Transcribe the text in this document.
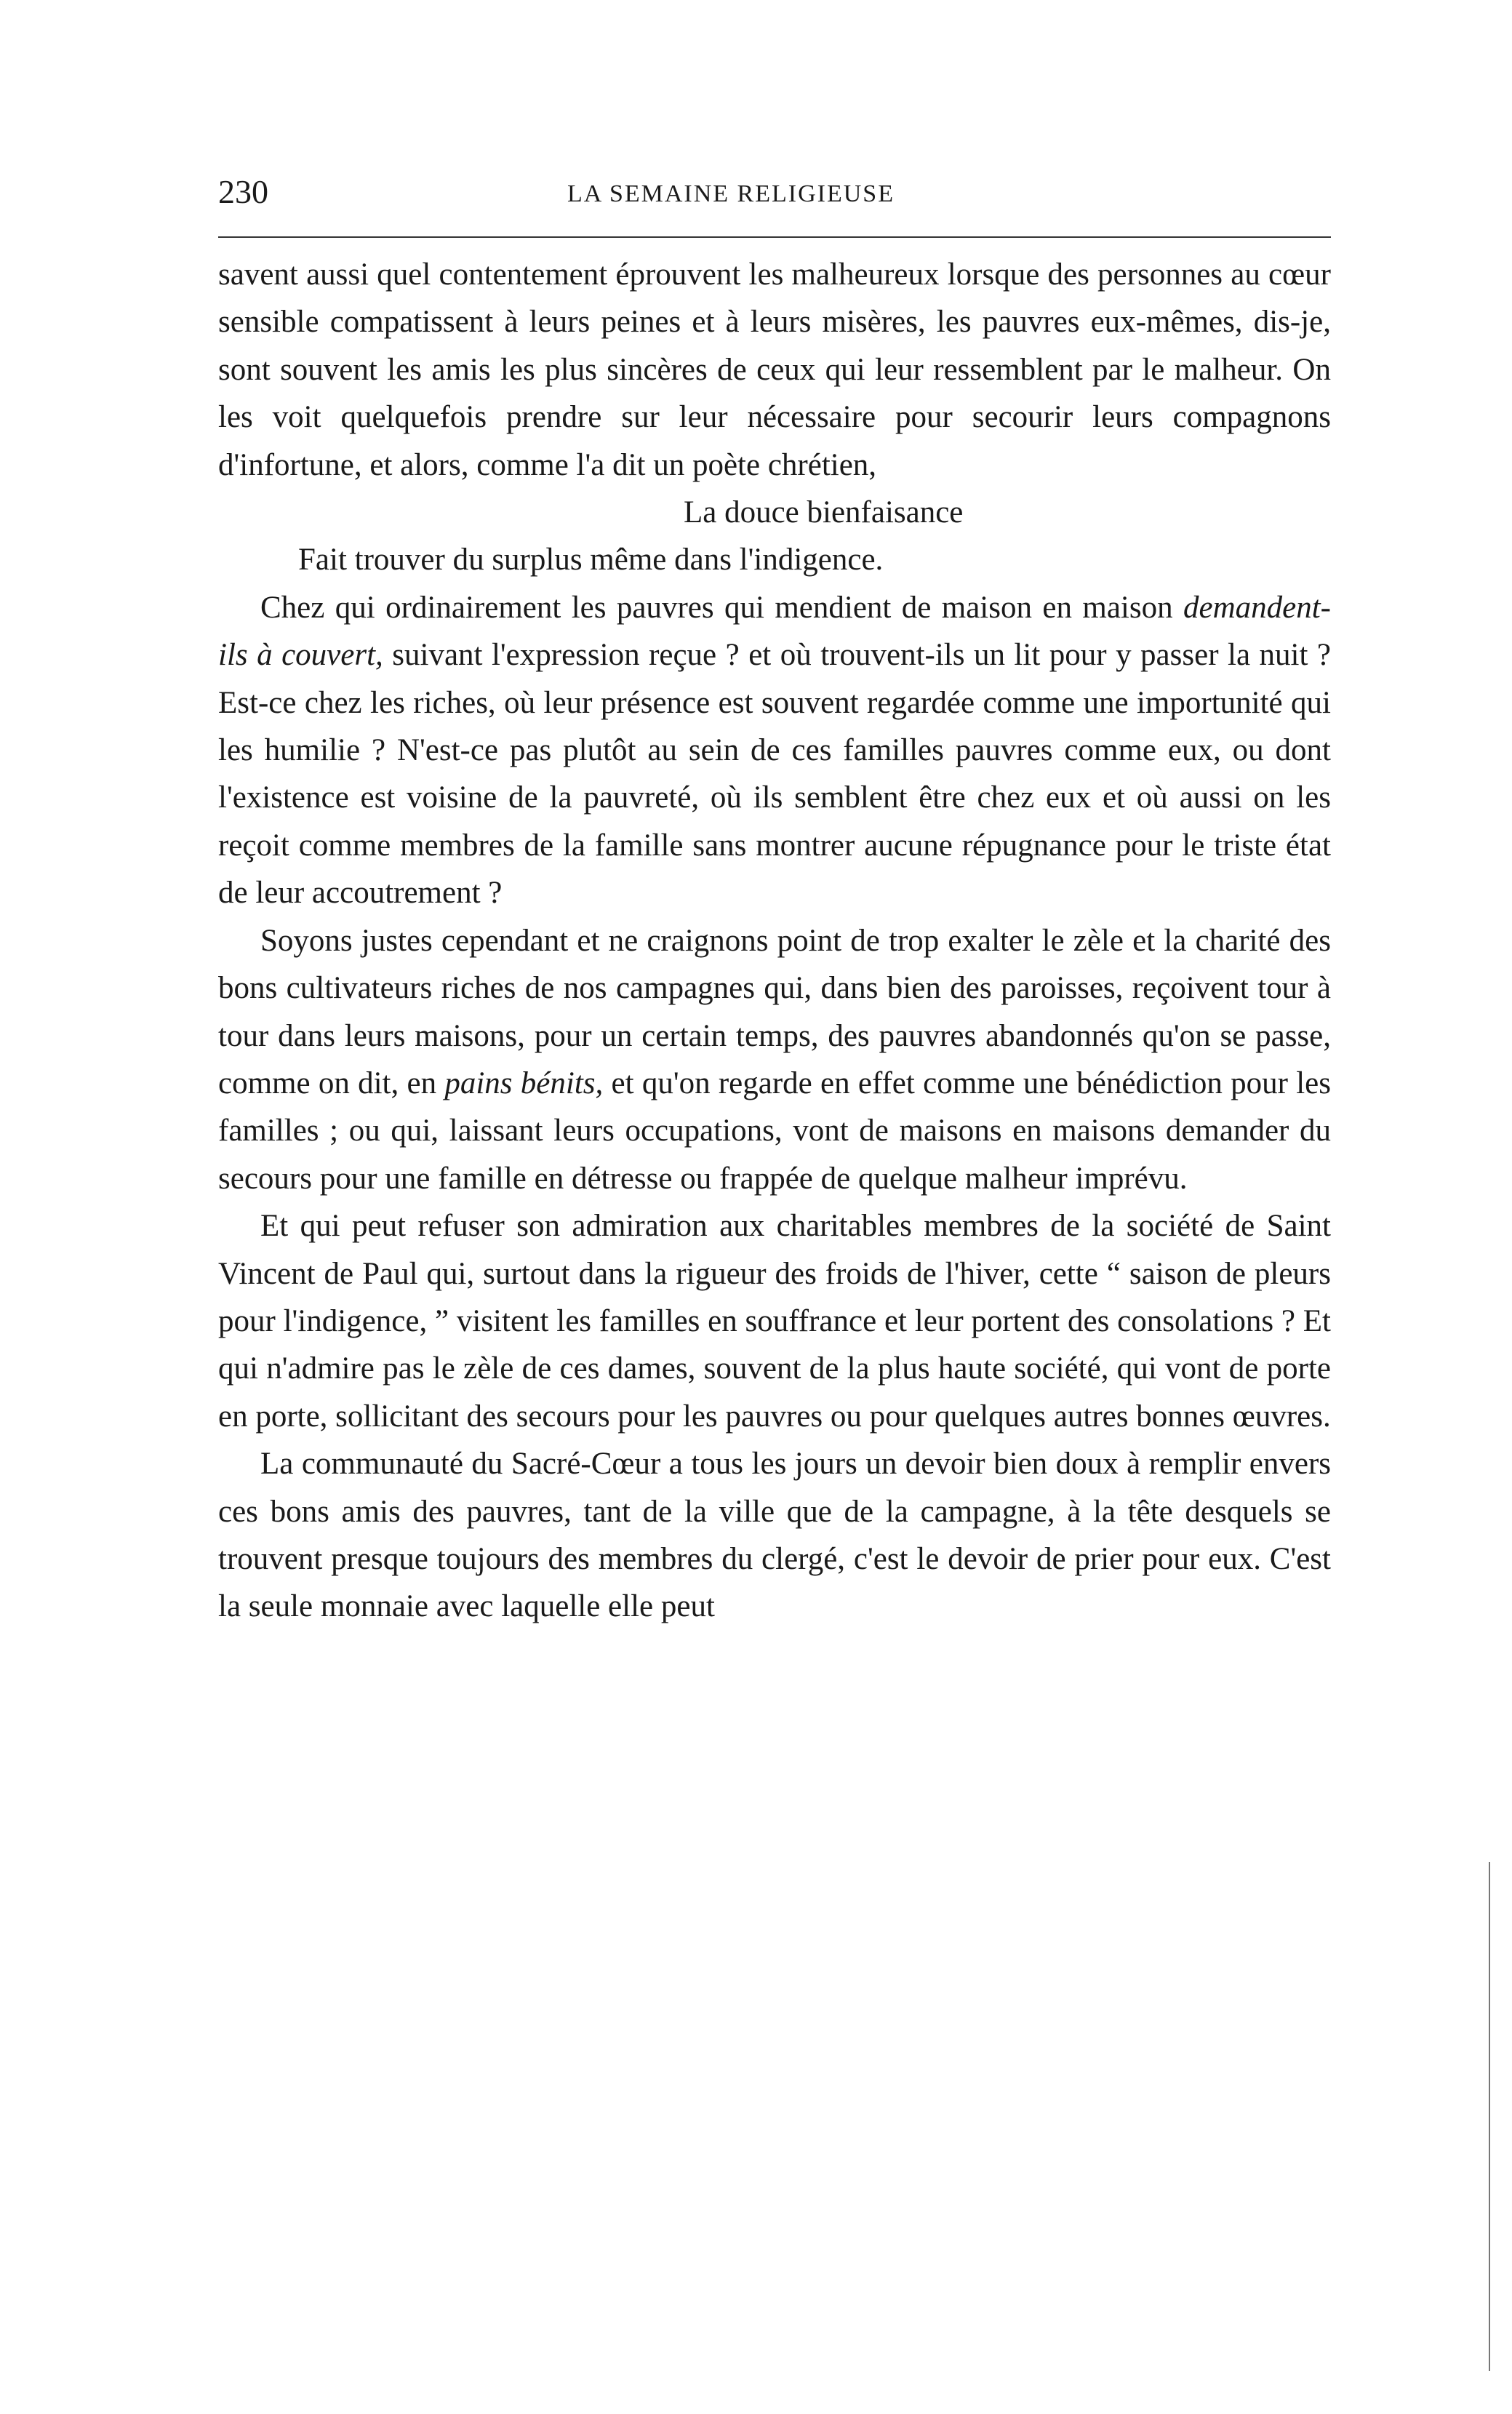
230	LA SEMAINE RELIGIEUSE

savent aussi quel contentement éprouvent les malheureux lorsque des personnes au cœur sensible compatissent à leurs peines et à leurs misères, les pauvres eux-mêmes, dis-je, sont souvent les amis les plus sincères de ceux qui leur ressemblent par le malheur. On les voit quelquefois prendre sur leur nécessaire pour secourir leurs compagnons d'infortune, et alors, comme l'a dit un poète chrétien,

La douce bienfaisance

Fait trouver du surplus même dans l'indigence.

Chez qui ordinairement les pauvres qui mendient de maison en maison demandent-ils à couvert, suivant l'expression reçue ? et où trouvent-ils un lit pour y passer la nuit ? Est-ce chez les riches, où leur présence est souvent regardée comme une importunité qui les humilie ? N'est-ce pas plutôt au sein de ces familles pauvres comme eux, ou dont l'existence est voisine de la pauvreté, où ils semblent être chez eux et où aussi on les reçoit comme membres de la famille sans montrer aucune répugnance pour le triste état de leur accoutrement ?

Soyons justes cependant et ne craignons point de trop exalter le zèle et la charité des bons cultivateurs riches de nos campagnes qui, dans bien des paroisses, reçoivent tour à tour dans leurs maisons, pour un certain temps, des pauvres abandonnés qu'on se passe, comme on dit, en pains bénits, et qu'on regarde en effet comme une bénédiction pour les familles ; ou qui, laissant leurs occupations, vont de maisons en maisons demander du secours pour une famille en détresse ou frappée de quelque malheur imprévu.

Et qui peut refuser son admiration aux charitables membres de la société de Saint Vincent de Paul qui, surtout dans la rigueur des froids de l'hiver, cette “ saison de pleurs pour l'indigence, ” visitent les familles en souffrance et leur portent des consolations ? Et qui n'admire pas le zèle de ces dames, souvent de la plus haute société, qui vont de porte en porte, sollicitant des secours pour les pauvres ou pour quelques autres bonnes œuvres.

La communauté du Sacré-Cœur a tous les jours un devoir bien doux à remplir envers ces bons amis des pauvres, tant de la ville que de la campagne, à la tête desquels se trouvent presque toujours des membres du clergé, c'est le devoir de prier pour eux. C'est la seule monnaie avec laquelle elle peut
